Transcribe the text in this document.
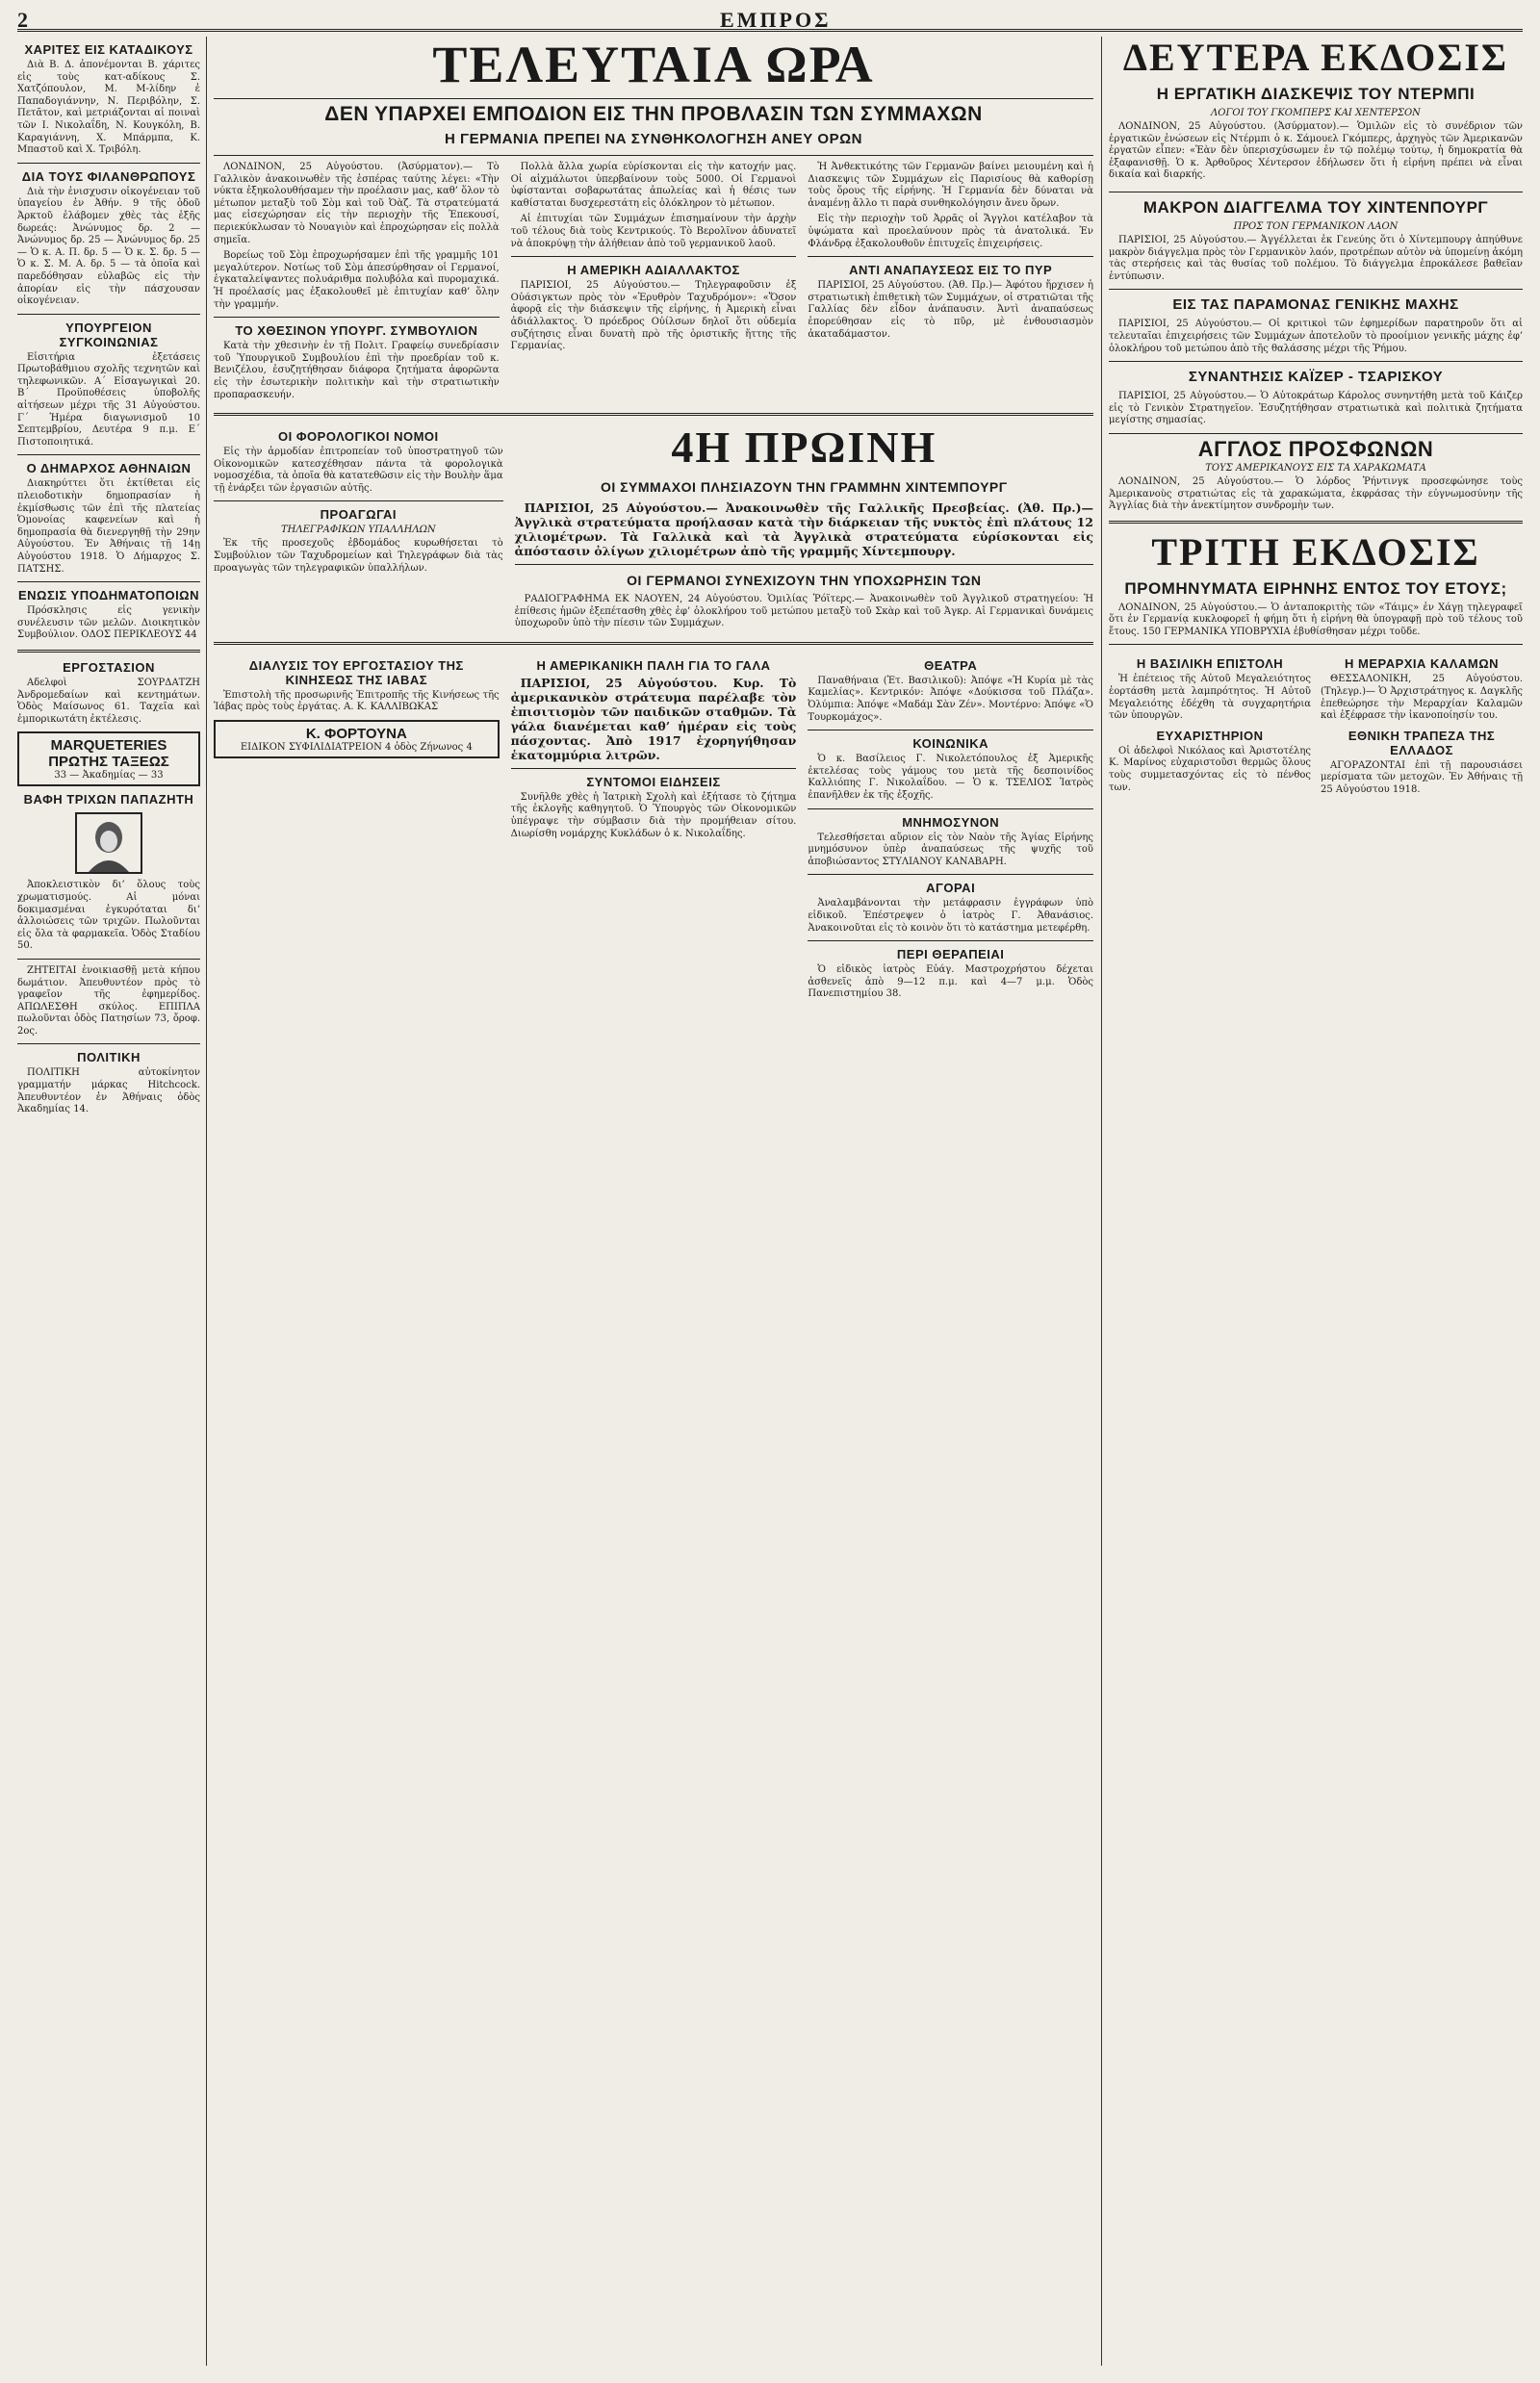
2	ΕΜΠΡΟΣ
ΧΑΡΙΤΕΣ ΕΙΣ ΚΑΤΑΔΙΚΟΥΣ

Διὰ Β. Δ. ἀπονέμονται Β. χάριτες εἰς τοὺς κατ-αδίκους Σ. Χατζόπουλον, Μ. Μ-λίδην ἐ Παπαδογιάννην, Ν. Περιβόλην, Σ. Πετᾶτον, καὶ μετριάζονται αἱ ποιναὶ τῶν Ι. Νικολαΐδη, Ν. Κουγκόλη, Β. Καραγιάννη, Χ. Μπάρμπα, Κ. Μπαστοῦ καὶ Χ. Τριβόλη.

ΔΙΑ ΤΟΥΣ ΦΙΛΑΝΘΡΩΠΟΥΣ

Διὰ τὴν ἐνισχυσιν οἰκογένειαν τοῦ ὑπαγείου ἐν Ἀθήν. 9 τῆς ὁδοῦ Ἀρκτοῦ ἐλάβομεν χθὲς τὰς ἑξῆς δωρεάς: Ἀνώνυμος δρ. 2 — Ἀνώνυμος δρ. 25 — Ἀνώνυμος δρ. 25 — Ὁ κ. Α. Π. δρ. 5 — Ὁ κ. Σ. δρ. 5 — Ὁ κ. Σ. Μ. Α. δρ. 5 — τὰ ὁποῖα καὶ παρεδόθησαν εὐλαβῶς εἰς τὴν ἀπορίαν εἰς τὴν πάσχουσαν οἰκογένειαν.

ΥΠΟΥΡΓΕΙΟΝ ΣΥΓΚΟΙΝΩΝΙΑΣ

Εἰσιτήρια ἐξετάσεις Πρωτοβάθμιου σχολῆς τεχνητῶν καὶ τηλεφωνικῶν. Α΄ Εἰσαγωγικαὶ 20. Β΄ Προϋποθέσεις ὑποβολῆς αἰτήσεων μέχρι τῆς 31 Αὐγούστου. Γ΄ Ἡμέρα διαγωνισμοῦ 10 Σεπτεμβρίου, Δευτέρα 9 π.μ. Ε΄ Πιστοποιητικά.

Ο ΔΗΜΑΡΧΟΣ ΑΘΗΝΑΙΩΝ

Διακηρύττει ὅτι ἐκτίθεται εἰς πλειοδοτικὴν δημοπρασίαν ἡ ἐκμίσθωσις τῶν ἐπὶ τῆς πλατείας Ὁμονοίας καφενείων καὶ ἡ δημοπρασία θὰ διενεργηθῇ τὴν 29ην Αὐγούστου. Ἐν Ἀθήναις τῇ 14ῃ Αὐγούστου 1918. Ὁ Δήμαρχος Σ. ΠΑΤΣΗΣ.

ΕΝΩΣΙΣ ΥΠΟΔΗΜΑΤΟΠΟΙΩΝ

Πρόσκλησις εἰς γενικὴν συνέλευσιν τῶν μελῶν. Διοικητικὸν Συμβούλιον. ΟΔΟΣ ΠΕΡΙΚΛΕΟΥΣ 44

ΕΡΓΟΣΤΑΣΙΟΝ

Αδελφοὶ ΣΟΥΡΔΑΤΖΗ Ἀνδρομεδαίων καὶ κεντημάτων. Ὁδὸς Μαίσωνος 61. Ταχεῖα καὶ ἐμπορικωτάτη ἐκτέλεσις.

MARQUETERIES ΠΡΩΤΗΣ ΤΑΞΕΩΣ
33 — Ἀκαδημίας — 33
ΒΑΦΗ ΤΡΙΧΩΝ ΠΑΠΑΖΗΤΗ

Ἀποκλειστικὸν δι’ ὅλους τοὺς χρωματισμούς. Αἱ μόναι δοκιμασμέναι ἐγκυρόταται δι’ ἀλλοιώσεις τῶν τριχῶν. Πωλοῦνται εἰς ὅλα τὰ φαρμακεῖα. Ὁδὸς Σταδίου 50.

ΖΗΤΕΙΤΑΙ ἐνοικιασθῇ μετὰ κήπου δωμάτιον. Ἀπευθυντέον πρὸς τὸ γραφεῖον τῆς ἐφημερίδος. ΑΠΩΛΕΣΘΗ σκύλος. ΕΠΙΠΛΑ πωλοῦνται ὁδὸς Πατησίων 73, ὄροφ. 2ος.

ΠΟΛΙΤΙΚΗ

ΠΟΛΙΤΙΚΗ αὐτοκίνητον γραμματήν μάρκας Hitchcock. Ἀπευθυντέον ἐν Ἀθήναις ὁδὸς Ἀκαδημίας 14.

ΤΕΛΕΥΤΑΙΑ ΩΡΑ
ΔΕΝ ΥΠΑΡΧΕΙ ΕΜΠΟΔΙΟΝ ΕΙΣ ΤΗΝ ΠΡΟΒΛΑΣΙΝ ΤΩΝ ΣΥΜΜΑΧΩΝ
Η ΓΕΡΜΑΝΙΑ ΠΡΕΠΕΙ ΝΑ ΣΥΝΘΗΚΟΛΟΓΗΣΗ ΑΝΕΥ ΟΡΩΝ

ΛΟΝΔΙΝΟΝ, 25 Αὐγούστου. (Ἀσύρματον).— Τὸ Γαλλικὸν ἀνακοινωθὲν τῆς ἑσπέρας ταύτης λέγει: «Τὴν νύκτα ἐξηκολουθήσαμεν τὴν προέλασιν μας, καθ’ ὅλον τὸ μέτωπον μεταξὺ τοῦ Σὸμ καὶ τοῦ Ὀὰζ. Τὰ στρατεύματά μας εἰσεχώρησαν εἰς τὴν περιοχὴν τῆς Ἐπεκουσί, περιεκύκλωσαν τὸ Νουαγιὸν καὶ ἐπροχώρησαν εἰς πολλὰ σημεῖα.

Βορείως τοῦ Σὸμ ἐπροχωρήσαμεν ἐπὶ τῆς γραμμῆς 101 μεγαλύτερον. Νοτίως τοῦ Σὸμ ἀπεσύρθησαν οἱ Γερμανοί, ἐγκαταλείψαντες πολυάριθμα πολυβόλα καὶ πυρομαχικά. Ἡ προέλασίς μας ἐξακολουθεῖ μὲ ἐπιτυχίαν καθ’ ὅλην τὴν γραμμήν.

ΤΟ ΧΘΕΣΙΝΟΝ ΥΠΟΥΡΓ. ΣΥΜΒΟΥΛΙΟΝ

Κατὰ τὴν χθεσινὴν ἐν τῇ Πολιτ. Γραφείῳ συνεδρίασιν τοῦ Ὑπουργικοῦ Συμβουλίου ἐπὶ τὴν προεδρίαν τοῦ κ. Βενιζέλου, ἐσυζητήθησαν διάφορα ζητήματα ἀφορῶντα εἰς τὴν ἐσωτερικὴν πολιτικὴν καὶ τὴν στρατιωτικὴν προπαρασκευήν.

Πολλὰ ἄλλα χωρία εὑρίσκονται εἰς τὴν κατοχήν μας. Οἱ αἰχμάλωτοι ὑπερβαίνουν τοὺς 5000. Οἱ Γερμανοὶ ὑφίστανται σοβαρωτάτας ἀπωλείας καὶ ἡ θέσις των καθίσταται δυσχερεστάτη εἰς ὁλόκληρον τὸ μέτωπον.

Αἱ ἐπιτυχίαι τῶν Συμμάχων ἐπισημαίνουν τὴν ἀρχὴν τοῦ τέλους διὰ τοὺς Κεντρικούς. Τὸ Βερολῖνον ἀδυνατεῖ νὰ ἀποκρύψῃ τὴν ἀλήθειαν ἀπὸ τοῦ γερμανικοῦ λαοῦ.

Η ΑΜΕΡΙΚΗ ΑΔΙΑΛΛΑΚΤΟΣ

ΠΑΡΙΣΙΟΙ, 25 Αὐγούστου.— Τηλεγραφοῦσιν ἐξ Οὐάσιγκτων πρὸς τὸν «Ἐρυθρὸν Ταχυδρόμον»: «Ὅσον ἀφορᾷ εἰς τὴν διάσκεψιν τῆς εἰρήνης, ἡ Ἀμερικὴ εἶναι ἀδιάλλακτος. Ὁ πρόεδρος Οὐίλσων δηλοῖ ὅτι οὐδεμία συζήτησις εἶναι δυνατὴ πρὸ τῆς ὁριστικῆς ἥττης τῆς Γερμανίας.

Ἡ Ἀνθεκτικότης τῶν Γερμανῶν βαίνει μειουμένη καὶ ἡ Διασκεψις τῶν Συμμάχων εἰς Παρισίους θὰ καθορίσῃ τοὺς ὅρους τῆς εἰρήνης. Ἡ Γερμανία δὲν δύναται νὰ ἀναμένῃ ἄλλο τι παρὰ συνθηκολόγησιν ἄνευ ὅρων.

Εἰς τὴν περιοχὴν τοῦ Ἀρρᾶς οἱ Ἄγγλοι κατέλαβον τὰ ὑψώματα καὶ προελαύνουν πρὸς τὰ ἀνατολικά. Ἐν Φλάνδρᾳ ἐξακολουθοῦν ἐπιτυχεῖς ἐπιχειρήσεις.

ΑΝΤΙ ΑΝΑΠΑΥΣΕΩΣ ΕΙΣ ΤΟ ΠΥΡ

ΠΑΡΙΣΙΟΙ, 25 Αὐγούστου. (Ἀθ. Πρ.)— Ἀφότου ἤρχισεν ἡ στρατιωτικὴ ἐπιθετικὴ τῶν Συμμάχων, οἱ στρατιῶται τῆς Γαλλίας δὲν εἶδον ἀνάπαυσιν. Ἀντὶ ἀναπαύσεως ἐπορεύθησαν εἰς τὸ πῦρ, μὲ ἐνθουσιασμὸν ἀκαταδάμαστον.

ΟΙ ΦΟΡΟΛΟΓΙΚΟΙ ΝΟΜΟΙ

Εἰς τὴν ἀρμοδίαν ἐπιτροπείαν τοῦ ὑποστρατηγοῦ τῶν Οἰκονομικῶν κατεσχέθησαν πάντα τὰ φορολογικὰ νομοσχέδια, τὰ ὁποῖα θὰ κατατεθῶσιν εἰς τὴν Βουλὴν ἅμα τῇ ἐνάρξει τῶν ἐργασιῶν αὐτῆς.

ΠΡΟΑΓΩΓΑΙ
ΤΗΛΕΓΡΑΦΙΚΩΝ ΥΠΑΛΛΗΛΩΝ

Ἐκ τῆς προσεχοῦς ἐβδομάδος κυρωθήσεται τὸ Συμβούλιον τῶν Ταχυδρομείων καὶ Τηλεγράφων διὰ τὰς προαγωγὰς τῶν τηλεγραφικῶν ὑπαλλήλων.

4Η ΠΡΩΙΝΗ
ΟΙ ΣΥΜΜΑΧΟΙ ΠΛΗΣΙΑΖΟΥΝ ΤΗΝ ΓΡΑΜΜΗΝ ΧΙΝΤΕΜΠΟΥΡΓ

ΠΑΡΙΣΙΟΙ, 25 Αὐγούστου.— Ἀνακοινωθὲν τῆς Γαλλικῆς Πρεσβείας. (Ἀθ. Πρ.)— Ἀγγλικὰ στρατεύματα προήλασαν κατὰ τὴν διάρκειαν τῆς νυκτὸς ἐπὶ πλάτους 12 χιλιομέτρων. Τὰ Γαλλικὰ καὶ τὰ Ἀγγλικὰ στρατεύματα εὑρίσκονται εἰς ἀπόστασιν ὀλίγων χιλιομέτρων ἀπὸ τῆς γραμμῆς Χίντεμπουργ.

ΟΙ ΓΕΡΜΑΝΟΙ ΣΥΝΕΧΙΖΟΥΝ ΤΗΝ ΥΠΟΧΩΡΗΣΙΝ ΤΩΝ

ΡΑΔΙΟΓΡΑΦΗΜΑ ΕΚ ΝΑΟΥΕΝ, 24 Αὐγούστου. Ὁμιλίας Ῥόϊτερς.— Ἀνακοινωθὲν τοῦ Ἀγγλικοῦ στρατηγείου: Ἡ ἐπίθεσις ἡμῶν ἐξεπέτασθη χθὲς ἐφ’ ὁλοκλήρου τοῦ μετώπου μεταξὺ τοῦ Σκὰρ καὶ τοῦ Ἀγκρ. Αἱ Γερμανικαὶ δυνάμεις ὑποχωροῦν ὑπὸ τὴν πίεσιν τῶν Συμμάχων.

ΔΙΑΛΥΣΙΣ ΤΟΥ ΕΡΓΟΣΤΑΣΙΟΥ ΤΗΣ ΚΙΝΗΣΕΩΣ ΤΗΣ ΙΑΒΑΣ

Ἐπιστολὴ τῆς προσωρινῆς Ἐπιτροπῆς τῆς Κινήσεως τῆς Ἰάβας πρὸς τοὺς ἐργάτας. Α. Κ. ΚΑΛΛΙΒΩΚΑΣ

Κ. ΦΟΡΤΟΥΝΑ
ΕΙΔΙΚΟΝ ΣΥΦΙΛΙΔΙΑΤΡΕΙΟΝ 4 ὁδὸς Ζήνωνος 4
Η ΑΜΕΡΙΚΑΝΙΚΗ ΠΑΛΗ ΓΙΑ ΤΟ ΓΑΛΑ

ΠΑΡΙΣΙΟΙ, 25 Αὐγούστου. Κυρ. Τὸ ἀμερικανικὸν στράτευμα παρέλαβε τὸν ἐπισιτισμὸν τῶν παιδικῶν σταθμῶν. Τὰ γάλα διανέμεται καθ’ ἡμέραν εἰς τοὺς πάσχοντας. Ἀπὸ 1917 ἐχορηγήθησαν ἑκατομμύρια λιτρῶν.

ΣΥΝΤΟΜΟΙ ΕΙΔΗΣΕΙΣ

Συνῆλθε χθὲς ἡ Ἱατρικὴ Σχολὴ καὶ ἐξήτασε τὸ ζήτημα τῆς ἐκλογῆς καθηγητοῦ. Ὁ Ὑπουργὸς τῶν Οἰκονομικῶν ὑπέγραψε τὴν σύμβασιν διὰ τὴν προμήθειαν σίτου. Διωρίσθη νομάρχης Κυκλάδων ὁ κ. Νικολαΐδης.

ΘΕΑΤΡΑ

Παναθήναια (Ἑτ. Βασιλικοῦ): Ἀπόψε «Ἡ Κυρία μὲ τὰς Καμελίας». Κεντρικόν: Ἀπόψε «Δούκισσα τοῦ Πλάζα». Ὀλύμπια: Ἀπόψε «Μαδάμ Σὰν Ζέν». Μοντέρνο: Ἀπόψε «Ὁ Τουρκομάχος».

ΚΟΙΝΩΝΙΚΑ

Ὁ κ. Βασίλειος Γ. Νικολετόπουλος ἐξ Ἀμερικῆς ἐκτελέσας τοὺς γάμους του μετὰ τῆς δεσποινίδος Καλλιόπης Γ. Νικολαΐδου. — Ὁ κ. ΤΣΕΛΙΟΣ Ἰατρὸς ἐπανῆλθεν ἐκ τῆς ἐξοχῆς.

ΜΝΗΜΟΣΥΝΟΝ

Τελεσθήσεται αὔριον εἰς τὸν Ναὸν τῆς Ἁγίας Εἰρήνης μνημόσυνον ὑπὲρ ἀναπαύσεως τῆς ψυχῆς τοῦ ἀποβιώσαντος ΣΤΥΛΙΑΝΟΥ ΚΑΝΑΒΑΡΗ.

ΑΓΟΡΑΙ

Ἀναλαμβάνονται τὴν μετάφρασιν ἐγγράφων ὑπὸ εἰδικοῦ. Ἐπέστρεψεν ὁ ἰατρὸς Γ. Ἀθανάσιος. Ἀνακοινοῦται εἰς τὸ κοινὸν ὅτι τὸ κατάστημα μετεφέρθη.

ΠΕΡΙ ΘΕΡΑΠΕΙΑΙ

Ὁ εἰδικὸς ἰατρὸς Εὐάγ. Μαστροχρήστου δέχεται ἀσθενεῖς ἀπὸ 9—12 π.μ. καὶ 4—7 μ.μ. Ὁδὸς Πανεπιστημίου 38.

ΔΕΥΤΕΡΑ ΕΚΔΟΣΙΣ
Η ΕΡΓΑΤΙΚΗ ΔΙΑΣΚΕΨΙΣ ΤΟΥ ΝΤΕΡΜΠΙ
ΛΟΓΟΙ ΤΟΥ ΓΚΟΜΠΕΡΣ ΚΑΙ ΧΕΝΤΕΡΣΟΝ

ΛΟΝΔΙΝΟΝ, 25 Αὐγούστου. (Ἀσύρματον).— Ὁμιλῶν εἰς τὸ συνέδριον τῶν ἐργατικῶν ἑνώσεων εἰς Ντέρμπι ὁ κ. Σάμουελ Γκόμπερς, ἀρχηγὸς τῶν Ἀμερικανῶν ἐργατῶν εἶπεν: «Ἐὰν δὲν ὑπερισχύσωμεν ἐν τῷ πολέμῳ τούτῳ, ἡ δημοκρατία θὰ ἐξαφανισθῇ. Ὁ κ. Ἀρθοῦρος Χέντερσον ἐδήλωσεν ὅτι ἡ εἰρήνη πρέπει νὰ εἶναι δικαία καὶ διαρκής.

ΜΑΚΡΟΝ ΔΙΑΓΓΕΛΜΑ ΤΟΥ ΧΙΝΤΕΝΠΟΥΡΓ
ΠΡΟΣ ΤΟΝ ΓΕΡΜΑΝΙΚΟΝ ΛΑΟΝ

ΠΑΡΙΣΙΟΙ, 25 Αὐγούστου.— Ἀγγέλλεται ἐκ Γενεύης ὅτι ὁ Χίντεμπουργ ἀπηύθυνε μακρὸν διάγγελμα πρὸς τὸν Γερμανικὸν λαόν, προτρέπων αὐτὸν νὰ ὑπομείνῃ ἀκόμη τὰς στερήσεις καὶ τὰς θυσίας τοῦ πολέμου. Τὸ διάγγελμα ἐπροκάλεσε βαθεῖαν ἐντύπωσιν.

ΕΙΣ ΤΑΣ ΠΑΡΑΜΟΝΑΣ ΓΕΝΙΚΗΣ ΜΑΧΗΣ

ΠΑΡΙΣΙΟΙ, 25 Αὐγούστου.— Οἱ κριτικοὶ τῶν ἐφημερίδων παρατηροῦν ὅτι αἱ τελευταῖαι ἐπιχειρήσεις τῶν Συμμάχων ἀποτελοῦν τὸ προοίμιον γενικῆς μάχης ἐφ’ ὁλοκλήρου τοῦ μετώπου ἀπὸ τῆς θαλάσσης μέχρι τῆς Ῥήμου.

ΣΥΝΑΝΤΗΣΙΣ ΚΑΪΖΕΡ - ΤΣΑΡΙΣΚΟΥ

ΠΑΡΙΣΙΟΙ, 25 Αὐγούστου.— Ὁ Αὐτοκράτωρ Κάρολος συνηντήθη μετὰ τοῦ Κάιζερ εἰς τὸ Γενικὸν Στρατηγεῖον. Ἐσυζητήθησαν στρατιωτικὰ καὶ πολιτικὰ ζητήματα μεγίστης σημασίας.

ΑΓΓΛΟΣ ΠΡΟΣΦΩΝΩΝ
ΤΟΥΣ ΑΜΕΡΙΚΑΝΟΥΣ ΕΙΣ ΤΑ ΧΑΡΑΚΩΜΑΤΑ

ΛΟΝΔΙΝΟΝ, 25 Αὐγούστου.— Ὁ λόρδος Ῥήντινγκ προσεφώνησε τοὺς Ἀμερικανοὺς στρατιώτας εἰς τὰ χαρακώματα, ἐκφράσας τὴν εὐγνωμοσύνην τῆς Ἀγγλίας διὰ τὴν ἀνεκτίμητον συνδρομὴν των.

ΤΡΙΤΗ ΕΚΔΟΣΙΣ
ΠΡΟΜΗΝΥΜΑΤΑ ΕΙΡΗΝΗΣ ΕΝΤΟΣ ΤΟΥ ΕΤΟΥΣ;

ΛΟΝΔΙΝΟΝ, 25 Αὐγούστου.— Ὁ ἀνταποκριτὴς τῶν «Τάιμς» ἐν Χάγῃ τηλεγραφεῖ ὅτι ἐν Γερμανίᾳ κυκλοφορεῖ ἡ φήμη ὅτι ἡ εἰρήνη θὰ ὑπογραφῇ πρὸ τοῦ τέλους τοῦ ἔτους. 150 ΓΕΡΜΑΝΙΚΑ ΥΠΟΒΡΥΧΙΑ ἐβυθίσθησαν μέχρι τοῦδε.

Η ΒΑΣΙΛΙΚΗ ΕΠΙΣΤΟΛΗ

Ἡ ἐπέτειος τῆς Αὐτοῦ Μεγαλειότητος ἑορτάσθη μετὰ λαμπρότητος. Ἡ Αὐτοῦ Μεγαλειότης ἐδέχθη τὰ συγχαρητήρια τῶν ὑπουργῶν.

ΕΥΧΑΡΙΣΤΗΡΙΟΝ

Οἱ ἀδελφοὶ Νικόλαος καὶ Ἀριστοτέλης Κ. Μαρίνος εὐχαριστοῦσι θερμῶς ὅλους τοὺς συμμετασχόντας εἰς τὸ πένθος των.

Η ΜΕΡΑΡΧΙΑ ΚΑΛΑΜΩΝ

ΘΕΣΣΑΛΟΝΙΚΗ, 25 Αὐγούστου. (Τηλεγρ.)— Ὁ Ἀρχιστράτηγος κ. Δαγκλῆς ἐπεθεώρησε τὴν Μεραρχίαν Καλαμῶν καὶ ἐξέφρασε τὴν ἱκανοποίησίν του.

ΕΘΝΙΚΗ ΤΡΑΠΕΖΑ ΤΗΣ ΕΛΛΑΔΟΣ

ΑΓΟΡΑΖΟΝΤΑΙ ἐπὶ τῇ παρουσιάσει μερίσματα τῶν μετοχῶν. Ἐν Ἀθήναις τῇ 25 Αὐγούστου 1918.
